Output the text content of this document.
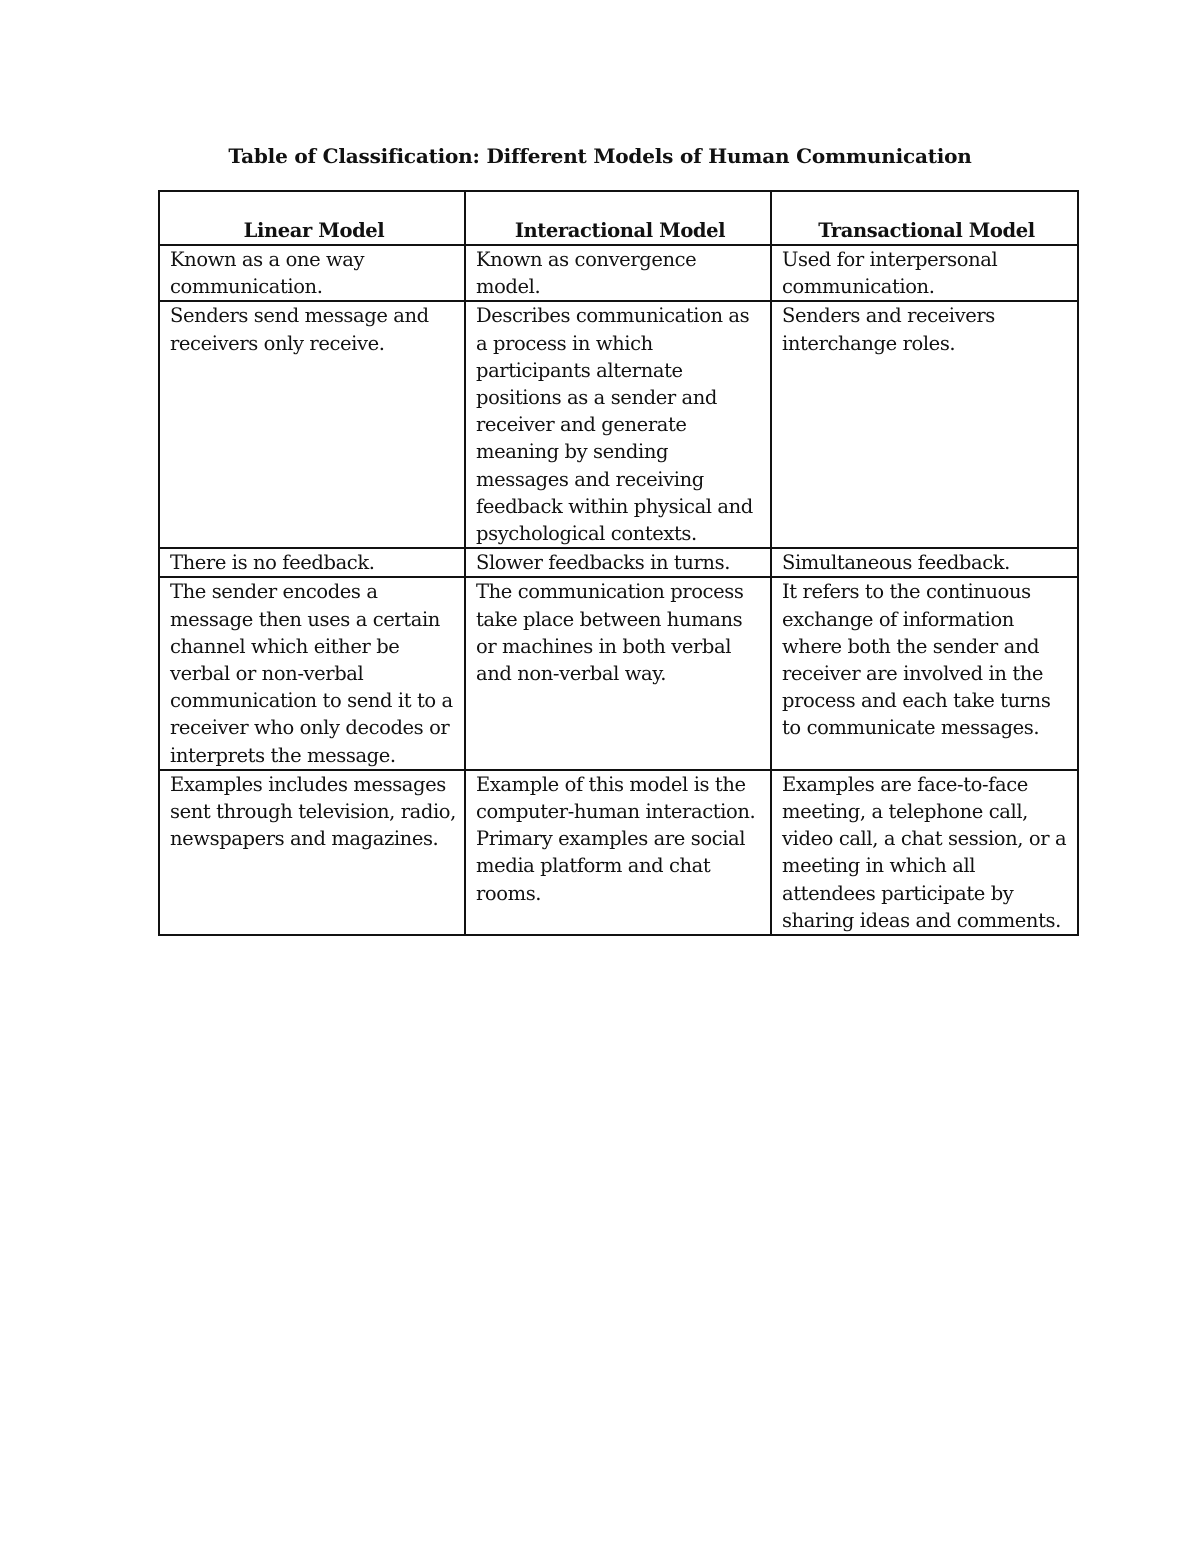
Table of Classification: Different Models of Human Communication
Linear Model	Interactional Model	Transactional Model
Known as a one way communication.	Known as convergence model.	Used for interpersonal communication.
Senders send message and receivers only receive.	Describes communication as a process in which participants alternate positions as a sender and receiver and generate meaning by sending messages and receiving feedback within physical and psychological contexts.	Senders and receivers interchange roles.
There is no feedback.	Slower feedbacks in turns.	Simultaneous feedback.
The sender encodes a message then uses a certain channel which either be verbal or non-verbal communication to send it to a receiver who only decodes or interprets the message.	The communication process take place between humans or machines in both verbal and non-verbal way.	It refers to the continuous exchange of information where both the sender and receiver are involved in the process and each take turns to communicate messages.
Examples includes messages sent through television, radio, newspapers and magazines.	Example of this model is the computer-human interaction. Primary examples are social media platform and chat rooms.	Examples are face-to-face meeting, a telephone call, video call, a chat session, or a meeting in which all attendees participate by sharing ideas and comments.
